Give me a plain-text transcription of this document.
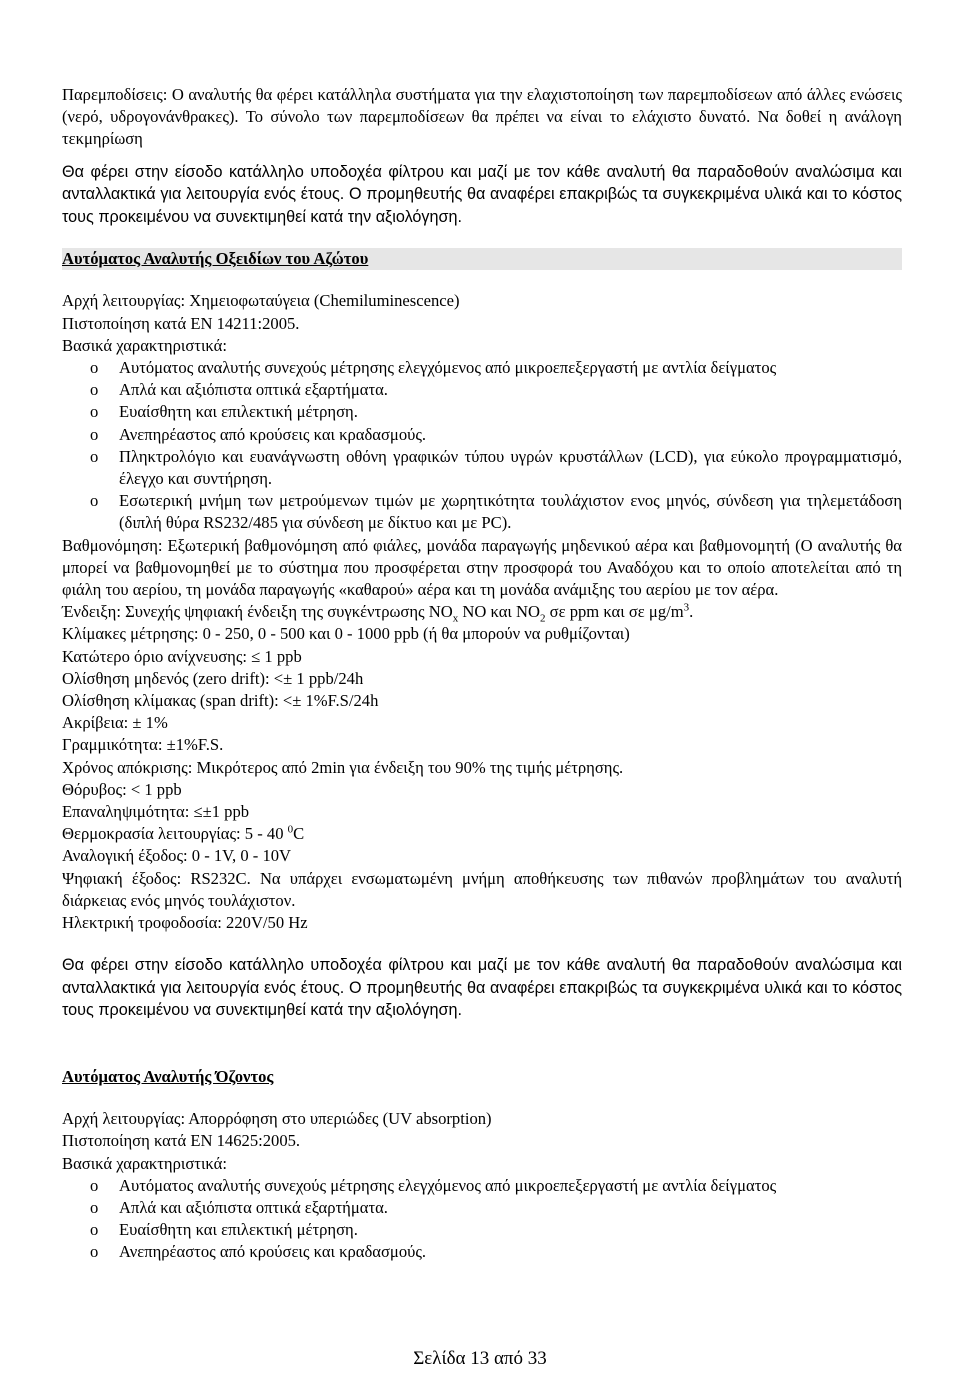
Παρεμποδίσεις: Ο αναλυτής θα φέρει κατάλληλα συστήματα για την ελαχιστοποίηση των παρεμποδίσεων από άλλες ενώσεις (νερό, υδρογονάνθρακες). Το σύνολο των παρεμποδίσεων θα πρέπει να είναι το ελάχιστο δυνατό. Να δοθεί η ανάλογη τεκμηρίωση

Θα φέρει στην είσοδο κατάλληλο υποδοχέα φίλτρου και μαζί με τον κάθε αναλυτή θα παραδοθούν αναλώσιμα και ανταλλακτικά για λειτουργία ενός έτους. Ο προμηθευτής θα αναφέρει επακριβώς τα συγκεκριμένα υλικά και το κόστος τους προκειμένου να συνεκτιμηθεί κατά την αξιολόγηση.

Αυτόματος Αναλυτής Οξειδίων του Αζώτου

Αρχή λειτουργίας: Χημειοφωταύγεια (Chemiluminescence)

Πιστοποίηση κατά EN 14211:2005.

Βασικά χαρακτηριστικά:

o Αυτόματος αναλυτής συνεχούς μέτρησης ελεγχόμενος από μικροεπεξεργαστή με αντλία δείγματος
o Απλά και αξιόπιστα οπτικά εξαρτήματα.
o Ευαίσθητη και επιλεκτική μέτρηση.
o Ανεπηρέαστος από κρούσεις και κραδασμούς.
o Πληκτρολόγιο και ευανάγνωστη οθόνη γραφικών τύπου υγρών κρυστάλλων (LCD), για εύκολο προγραμματισμό, έλεγχο και συντήρηση.
o Εσωτερική μνήμη των μετρούμενων τιμών με χωρητικότητα τουλάχιστον ενος μηνός, σύνδεση για τηλεμετάδοση (διπλή θύρα RS232/485 για σύνδεση με δίκτυο και με PC).

Βαθμονόμηση: Εξωτερική βαθμονόμηση από φιάλες, μονάδα παραγωγής μηδενικού αέρα και βαθμονομητή (Ο αναλυτής θα μπορεί να βαθμονομηθεί με το σύστημα που προσφέρεται στην προσφορά του Αναδόχου και το οποίο αποτελείται από τη φιάλη του αερίου, τη μονάδα παραγωγής «καθαρού» αέρα και τη μονάδα ανάμιξης του αερίου με τον αέρα.

Ένδειξη: Συνεχής ψηφιακή ένδειξη της συγκέντρωσης $NO_x$ NO και $NO_2$ σε ppm και σε $\mu g/m^3$.

Κλίμακες μέτρησης: 0 - 250, 0 - 500 και 0 - 1000 ppb (ή θα μπορούν να ρυθμίζονται)

Κατώτερο όριο ανίχνευσης: ≤ 1 ppb

Ολίσθηση μηδενός (zero drift): <± 1 ppb/24h

Ολίσθηση κλίμακας (span drift): <± 1%F.S/24h

Ακρίβεια: ± 1%

Γραμμικότητα: ±1%F.S.

Χρόνος απόκρισης: Μικρότερος από 2min για ένδειξη του 90% της τιμής μέτρησης.

Θόρυβος: < 1 ppb

Επαναληψιμότητα: ≤±1 ppb

Θερμοκρασία λειτουργίας: 5 - 40 $^0$C

Αναλογική έξοδος: 0 - 1V, 0 - 10V

Ψηφιακή έξοδος: RS232C. Να υπάρχει ενσωματωμένη μνήμη αποθήκευσης των πιθανών προβλημάτων του αναλυτή διάρκειας ενός μηνός τουλάχιστον.

Ηλεκτρική τροφοδοσία: 220V/50 Hz

Θα φέρει στην είσοδο κατάλληλο υποδοχέα φίλτρου και μαζί με τον κάθε αναλυτή θα παραδοθούν αναλώσιμα και ανταλλακτικά για λειτουργία ενός έτους. Ο προμηθευτής θα αναφέρει επακριβώς τα συγκεκριμένα υλικά και το κόστος τους προκειμένου να συνεκτιμηθεί κατά την αξιολόγηση.

Αυτόματος Αναλυτής Όζοντος

Αρχή λειτουργίας: Απορρόφηση στο υπεριώδες (UV absorption)

Πιστοποίηση κατά EN 14625:2005.

Βασικά χαρακτηριστικά:

o Αυτόματος αναλυτής συνεχούς μέτρησης ελεγχόμενος από μικροεπεξεργαστή με αντλία δείγματος
o Απλά και αξιόπιστα οπτικά εξαρτήματα.
o Ευαίσθητη και επιλεκτική μέτρηση.
o Ανεπηρέαστος από κρούσεις και κραδασμούς.
Σελίδα 13 από 33
